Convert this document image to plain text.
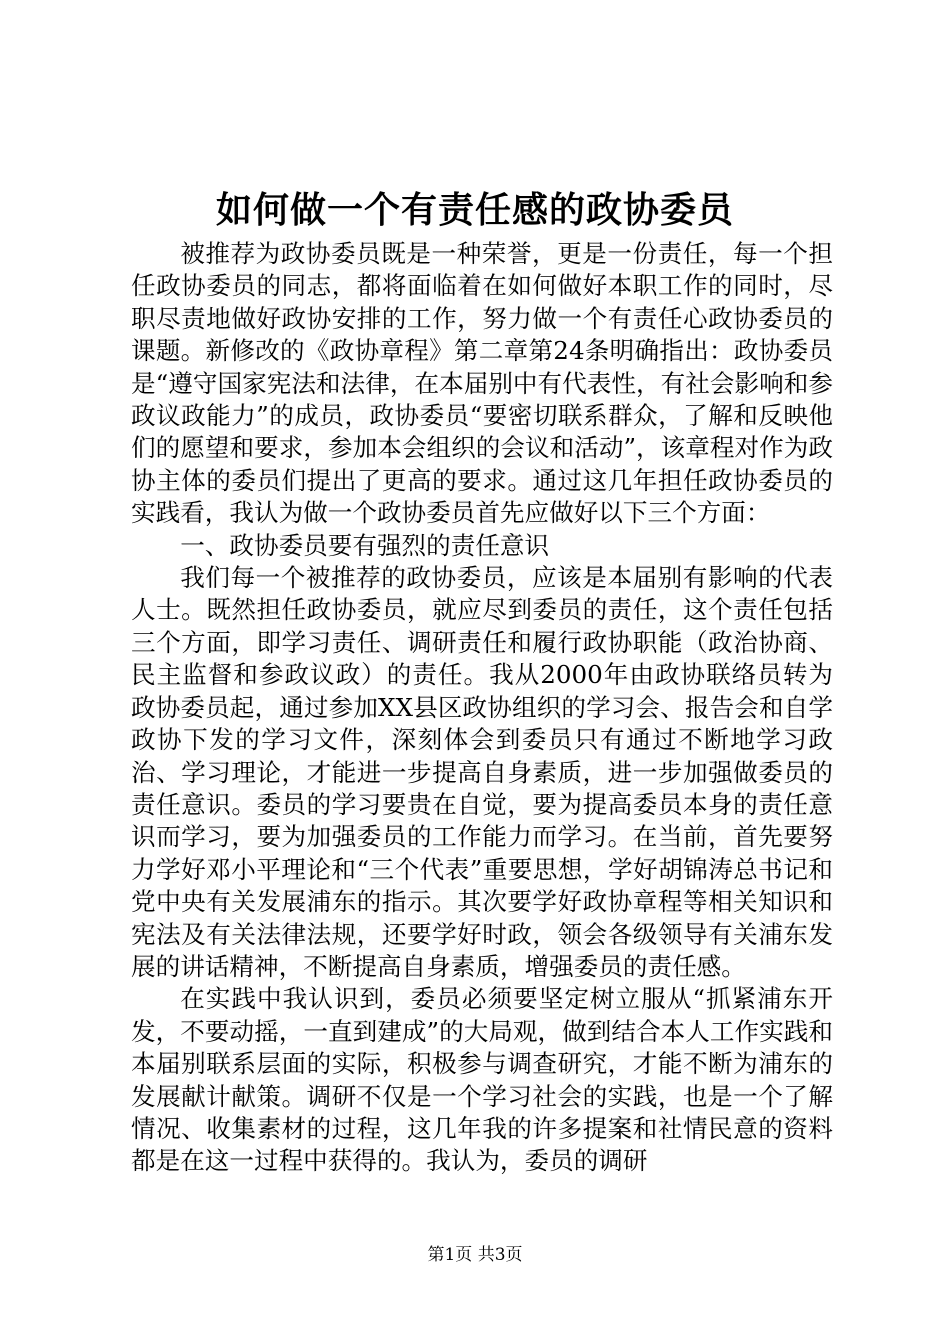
如何做一个有责任感的政协委员

被推荐为政协委员既是一种荣誉，更是一份责任，每一个担任政协委员的同志，都将面临着在如何做好本职工作的同时，尽职尽责地做好政协安排的工作，努力做一个有责任心政协委员的课题。新修改的《政协章程》第二章第24条明确指出：政协委员是“遵守国家宪法和法律，在本届别中有代表性，有社会影响和参政议政能力”的成员，政协委员“要密切联系群众，了解和反映他们的愿望和要求，参加本会组织的会议和活动”，该章程对作为政协主体的委员们提出了更高的要求。通过这几年担任政协委员的实践看，我认为做一个政协委员首先应做好以下三个方面：

一、政协委员要有强烈的责任意识

我们每一个被推荐的政协委员，应该是本届别有影响的代表人士。既然担任政协委员，就应尽到委员的责任，这个责任包括三个方面，即学习责任、调研责任和履行政协职能（政治协商、民主监督和参政议政）的责任。我从2000年由政协联络员转为政协委员起，通过参加XX县区政协组织的学习会、报告会和自学政协下发的学习文件，深刻体会到委员只有通过不断地学习政治、学习理论，才能进一步提高自身素质，进一步加强做委员的责任意识。委员的学习要贵在自觉，要为提高委员本身的责任意识而学习，要为加强委员的工作能力而学习。在当前，首先要努力学好邓小平理论和“三个代表”重要思想，学好胡锦涛总书记和党中央有关发展浦东的指示。其次要学好政协章程等相关知识和宪法及有关法律法规，还要学好时政，领会各级领导有关浦东发展的讲话精神，不断提高自身素质，增强委员的责任感。

在实践中我认识到，委员必须要坚定树立服从“抓紧浦东开发，不要动摇，一直到建成”的大局观，做到结合本人工作实践和本届别联系层面的实际，积极参与调查研究，才能不断为浦东的发展献计献策。调研不仅是一个学习社会的实践，也是一个了解情况、收集素材的过程，这几年我的许多提案和社情民意的资料都是在这一过程中获得的。我认为，委员的调研

第1页 共3页
